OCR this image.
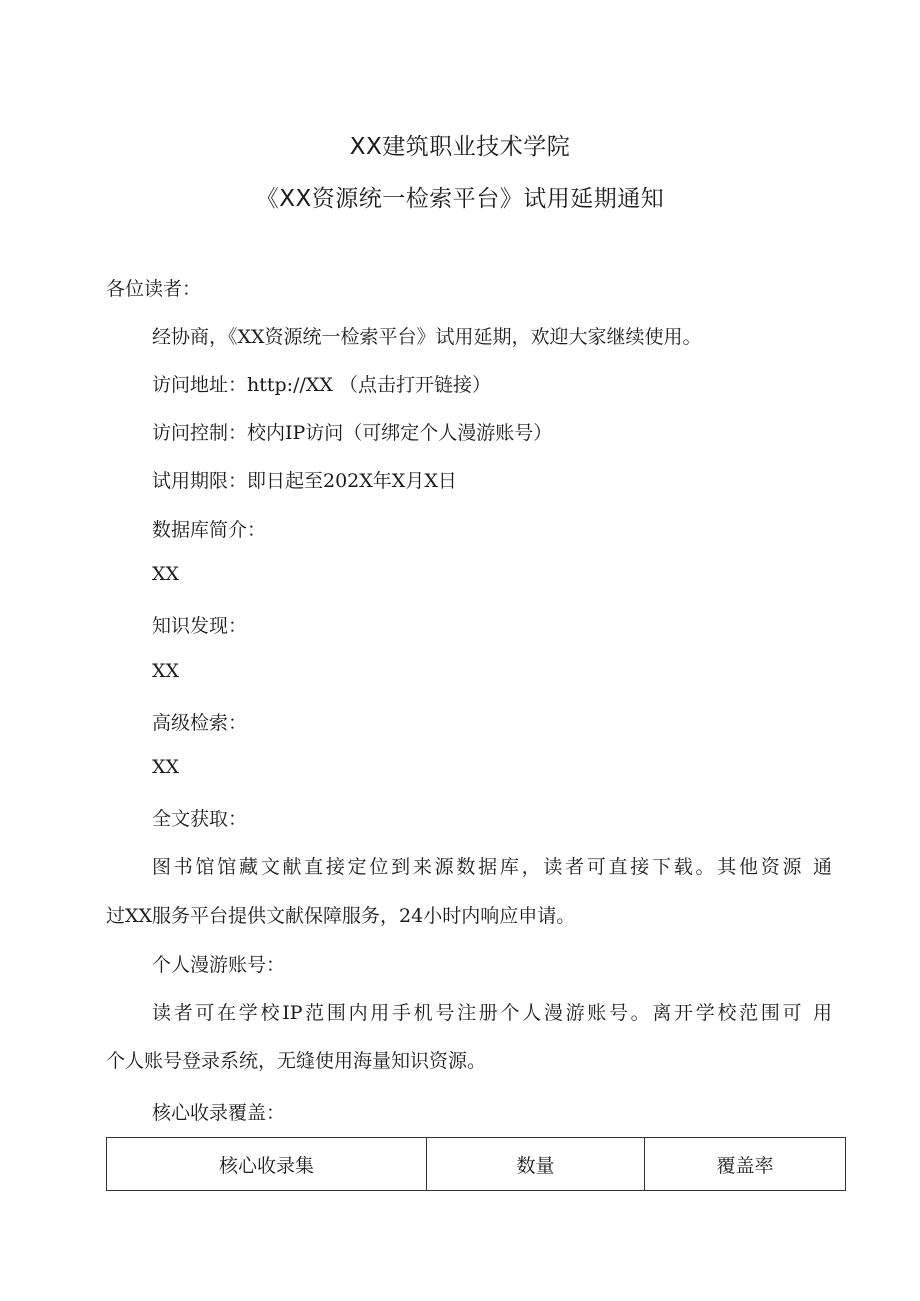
XX建筑职业技术学院
《XX资源统一检索平台》试用延期通知
各位读者：
经协商，《XX资源统一检索平台》试用延期，欢迎大家继续使用。
访问地址：http://XX （点击打开链接）
访问控制：校内IP访问（可绑定个人漫游账号）
试用期限：即日起至202X年X月X日
数据库简介：
XX
知识发现：
XX
高级检索：
XX
全文获取：
图书馆馆藏文献直接定位到来源数据库，读者可直接下载。其他资源 通
过XX服务平台提供文献保障服务，24小时内响应申请。
个人漫游账号：
读者可在学校IP范围内用手机号注册个人漫游账号。离开学校范围可 用
个人账号登录系统，无缝使用海量知识资源。
核心收录覆盖：
核心收录集	数量	覆盖率
